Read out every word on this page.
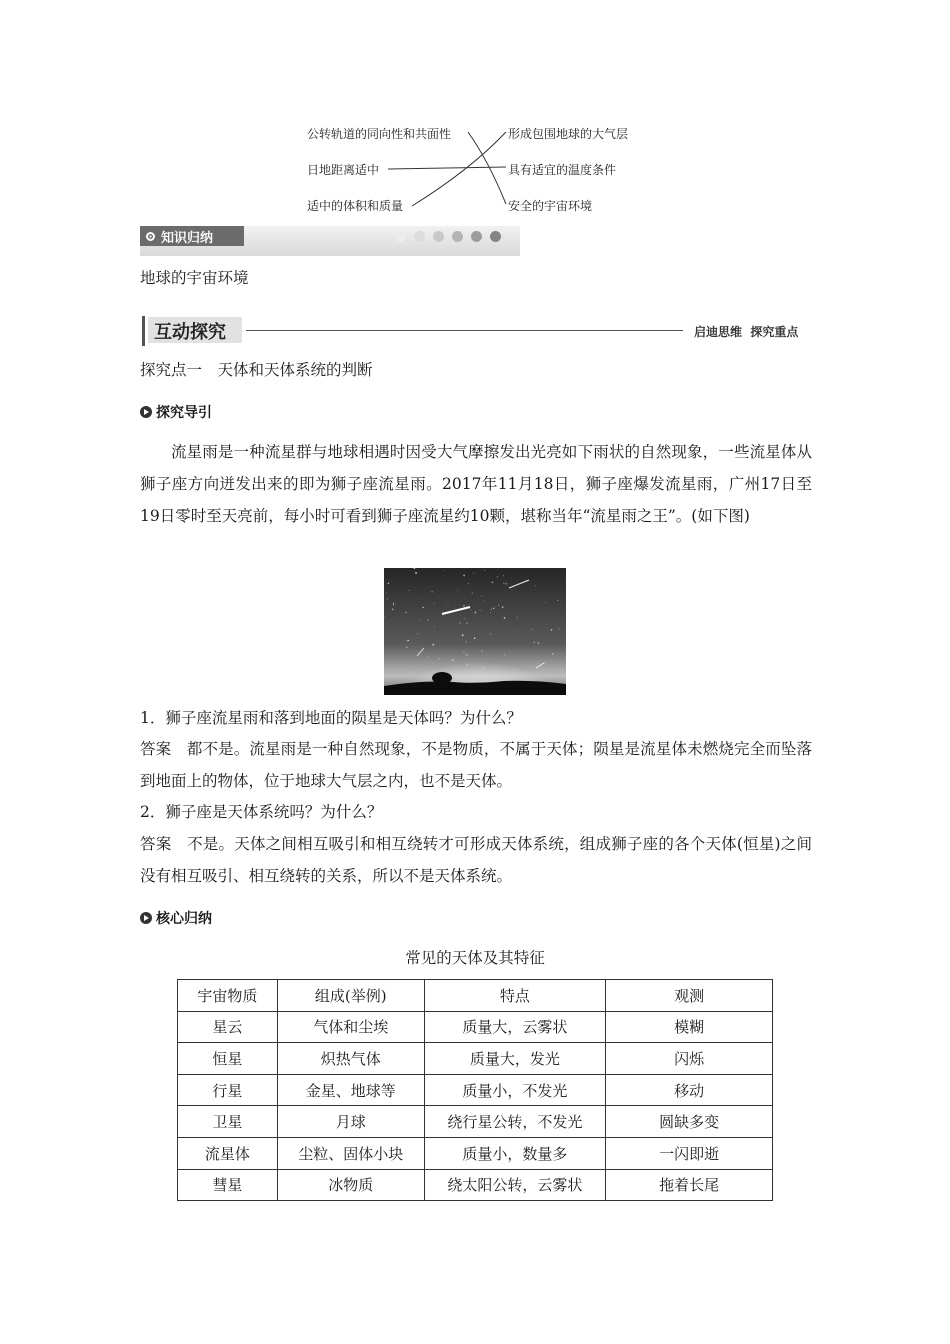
公转轨道的同向性和共面性
日地距离适中
适中的体积和质量
形成包围地球的大气层
具有适宜的温度条件
安全的宇宙环境
知识归纳
地球的宇宙环境
互动探究	启迪思维  探究重点
探究点一　天体和天体系统的判断
探究导引
流星雨是一种流星群与地球相遇时因受大气摩擦发出光亮如下雨状的自然现象，一些流星体从狮子座方向迸发出来的即为狮子座流星雨。2017年11月18日，狮子座爆发流星雨，广州17日至19日零时至天亮前，每小时可看到狮子座流星约10颗，堪称当年“流星雨之王”。(如下图)
1．狮子座流星雨和落到地面的陨星是天体吗？为什么？
答案　都不是。流星雨是一种自然现象，不是物质，不属于天体；陨星是流星体未燃烧完全而坠落到地面上的物体，位于地球大气层之内，也不是天体。
2．狮子座是天体系统吗？为什么？
答案　不是。天体之间相互吸引和相互绕转才可形成天体系统，组成狮子座的各个天体(恒星)之间没有相互吸引、相互绕转的关系，所以不是天体系统。
核心归纳
常见的天体及其特征
宇宙物质	组成(举例)	特点	观测
星云	气体和尘埃	质量大，云雾状	模糊
恒星	炽热气体	质量大，发光	闪烁
行星	金星、地球等	质量小，不发光	移动
卫星	月球	绕行星公转，不发光	圆缺多变
流星体	尘粒、固体小块	质量小，数量多	一闪即逝
彗星	冰物质	绕太阳公转，云雾状	拖着长尾
